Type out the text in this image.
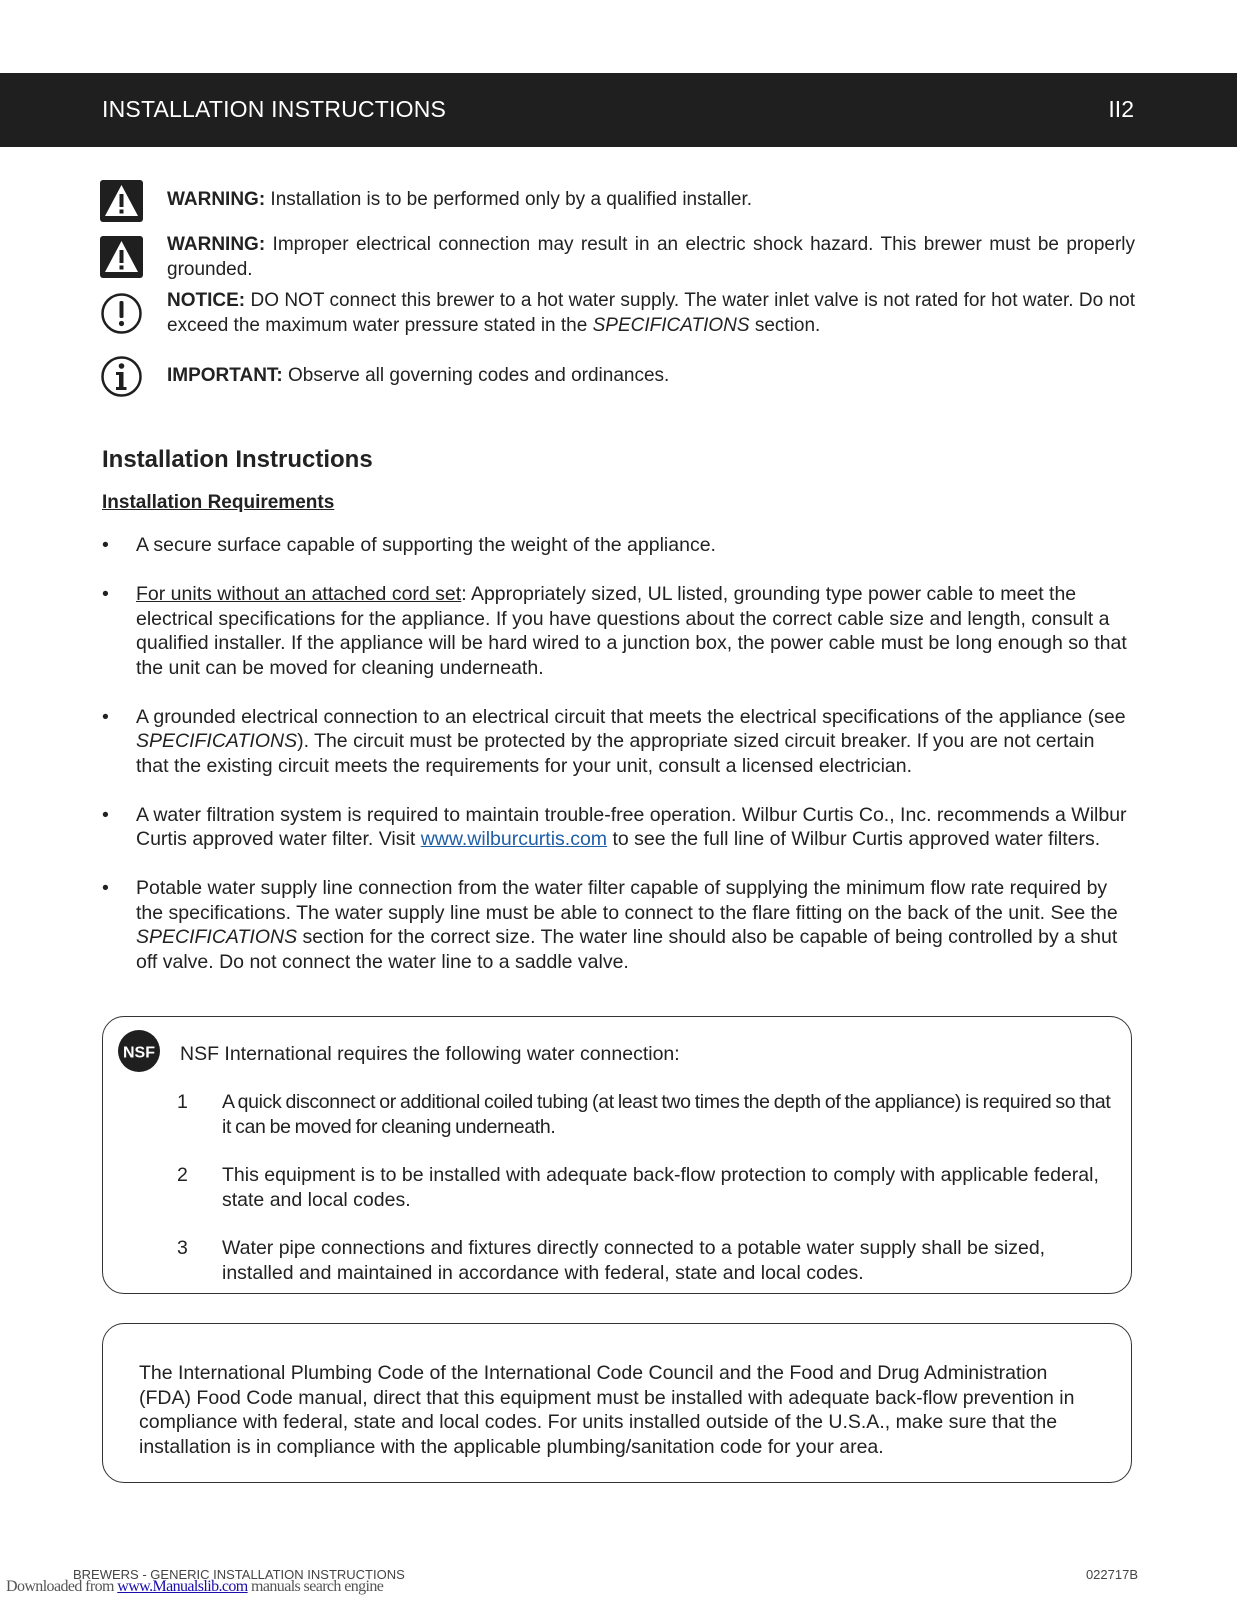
INSTALLATION INSTRUCTIONS	II2
WARNING: Installation is to be performed only by a qualified installer.
WARNING: Improper electrical connection may result in an electric shock hazard. This brewer must be properly grounded.
NOTICE: DO NOT connect this brewer to a hot water supply. The water inlet valve is not rated for hot water. Do not exceed the maximum water pressure stated in the SPECIFICATIONS section.
IMPORTANT: Observe all governing codes and ordinances.
Installation Instructions
Installation Requirements
• A secure surface capable of supporting the weight of the appliance.
• For units without an attached cord set: Appropriately sized, UL listed, grounding type power cable to meet the electrical specifications for the appliance. If you have questions about the correct cable size and length, consult a qualified installer. If the appliance will be hard wired to a junction box, the power cable must be long enough so that the unit can be moved for cleaning underneath.
• A grounded electrical connection to an electrical circuit that meets the electrical specifications of the appliance (see SPECIFICATIONS). The circuit must be protected by the appropriate sized circuit breaker. If you are not certain that the existing circuit meets the requirements for your unit, consult a licensed electrician.
• A water filtration system is required to maintain trouble-free operation. Wilbur Curtis Co., Inc. recommends a Wilbur Curtis approved water filter. Visit www.wilburcurtis.com to see the full line of Wilbur Curtis approved water filters.
• Potable water supply line connection from the water filter capable of supplying the minimum flow rate required by the specifications. The water supply line must be able to connect to the flare fitting on the back of the unit. See the SPECIFICATIONS section for the correct size. The water line should also be capable of being controlled by a shut off valve. Do not connect the water line to a saddle valve.
NSF NSF International requires the following water connection:
1 A quick disconnect or additional coiled tubing (at least two times the depth of the appliance) is required so that it can be moved for cleaning underneath.
2 This equipment is to be installed with adequate back-flow protection to comply with applicable federal, state and local codes.
3 Water pipe connections and fixtures directly connected to a potable water supply shall be sized, installed and maintained in accordance with federal, state and local codes.
The International Plumbing Code of the International Code Council and the Food and Drug Administration (FDA) Food Code manual, direct that this equipment must be installed with adequate back-flow prevention in compliance with federal, state and local codes. For units installed outside of the U.S.A., make sure that the installation is in compliance with the applicable plumbing/sanitation code for your area.
BREWERS - GENERIC INSTALLATION INSTRUCTIONS	022717B
Downloaded from www.Manualslib.com manuals search engine
